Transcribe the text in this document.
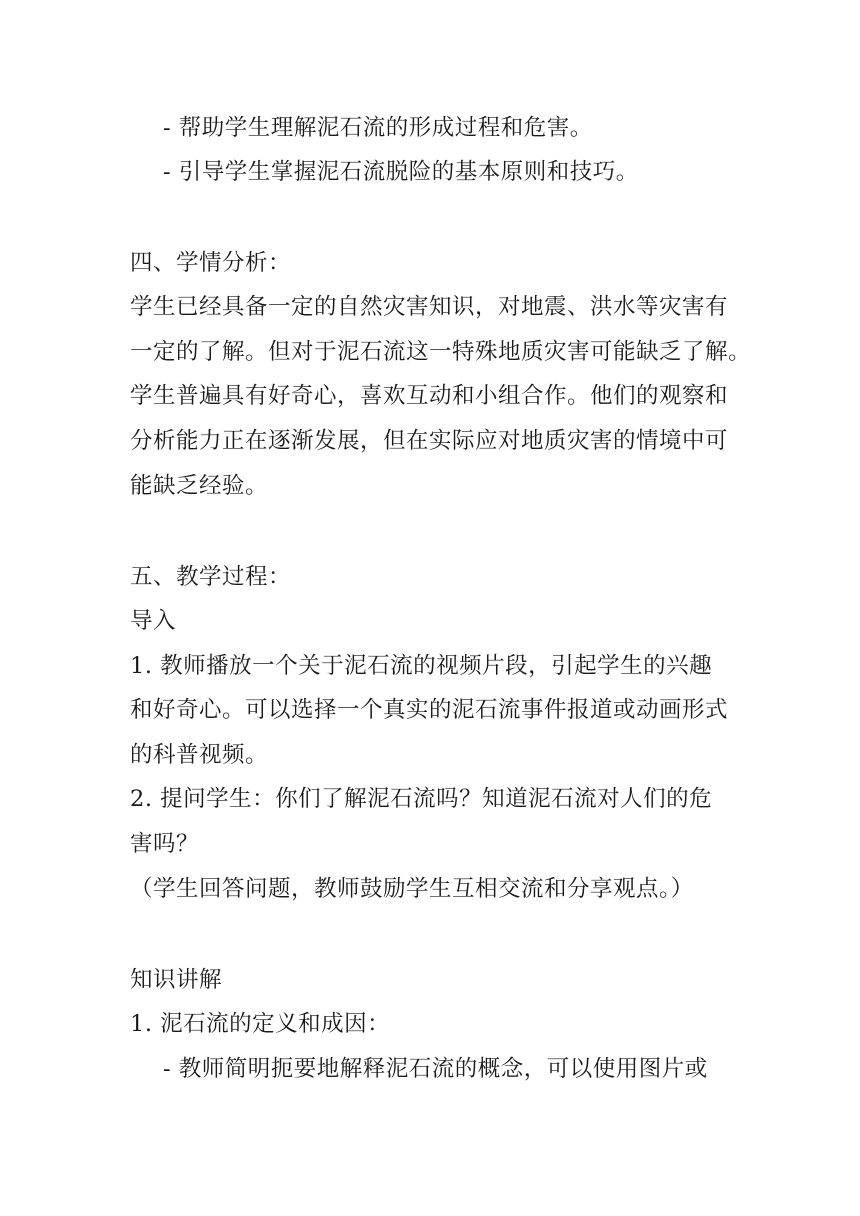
- 帮助学生理解泥石流的形成过程和危害。
- 引导学生掌握泥石流脱险的基本原则和技巧。
四、学情分析：
学生已经具备一定的自然灾害知识，对地震、洪水等灾害有
一定的了解。但对于泥石流这一特殊地质灾害可能缺乏了解。
学生普遍具有好奇心，喜欢互动和小组合作。他们的观察和
分析能力正在逐渐发展，但在实际应对地质灾害的情境中可
能缺乏经验。
五、教学过程：
导入
1. 教师播放一个关于泥石流的视频片段，引起学生的兴趣
和好奇心。可以选择一个真实的泥石流事件报道或动画形式
的科普视频。
2. 提问学生：你们了解泥石流吗？知道泥石流对人们的危
害吗？
（学生回答问题，教师鼓励学生互相交流和分享观点。）
知识讲解
1. 泥石流的定义和成因：
- 教师简明扼要地解释泥石流的概念，可以使用图片或
